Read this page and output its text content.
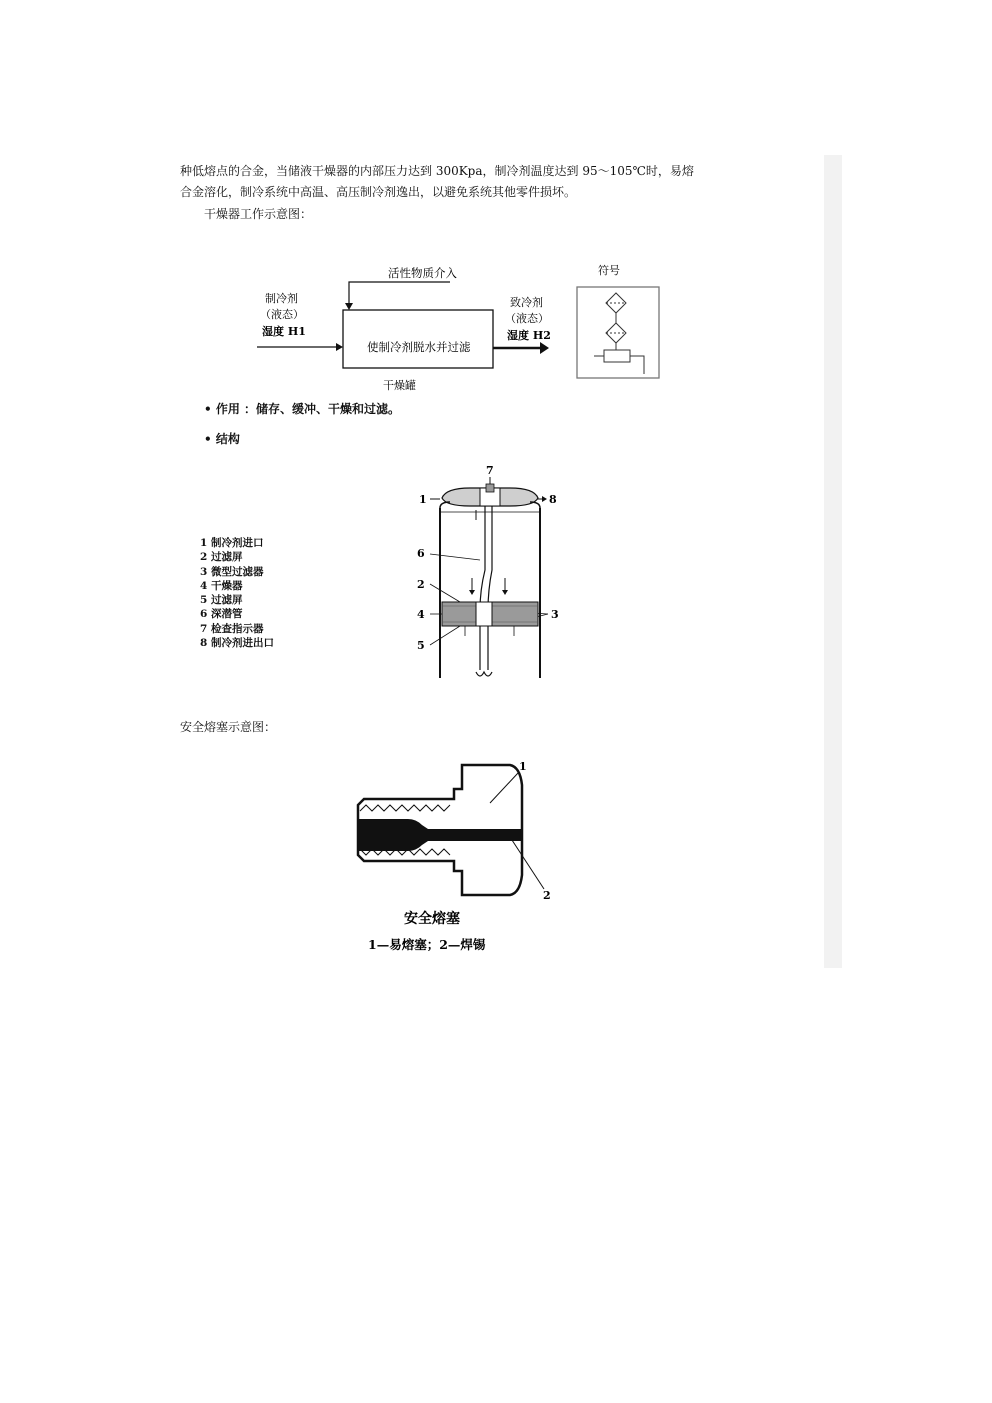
种低熔点的合金，当储液干燥器的内部压力达到 300Kpa，制冷剂温度达到 95～105℃时，易熔
合金溶化，制冷系统中高温、高压制冷剂逸出，以避免系统其他零件损坏。
干燥器工作示意图：
活性物质介入
使制冷剂脱水并过滤
制冷剂
（液态）
湿度 H1
致冷剂
（液态）
湿度 H2
干燥罐
符号
• 作用 ：储存、缓冲、干燥和过滤。
• 结构
1 制冷剂进口
2 过滤屏
3 微型过滤器
4 干燥器
5 过滤屏
6 深潜管
7 检查指示器
8 制冷剂进出口
7
1	8
6
2
4	3
5
安全熔塞示意图：
1
2
安全熔塞
1—易熔塞；2—焊锡
